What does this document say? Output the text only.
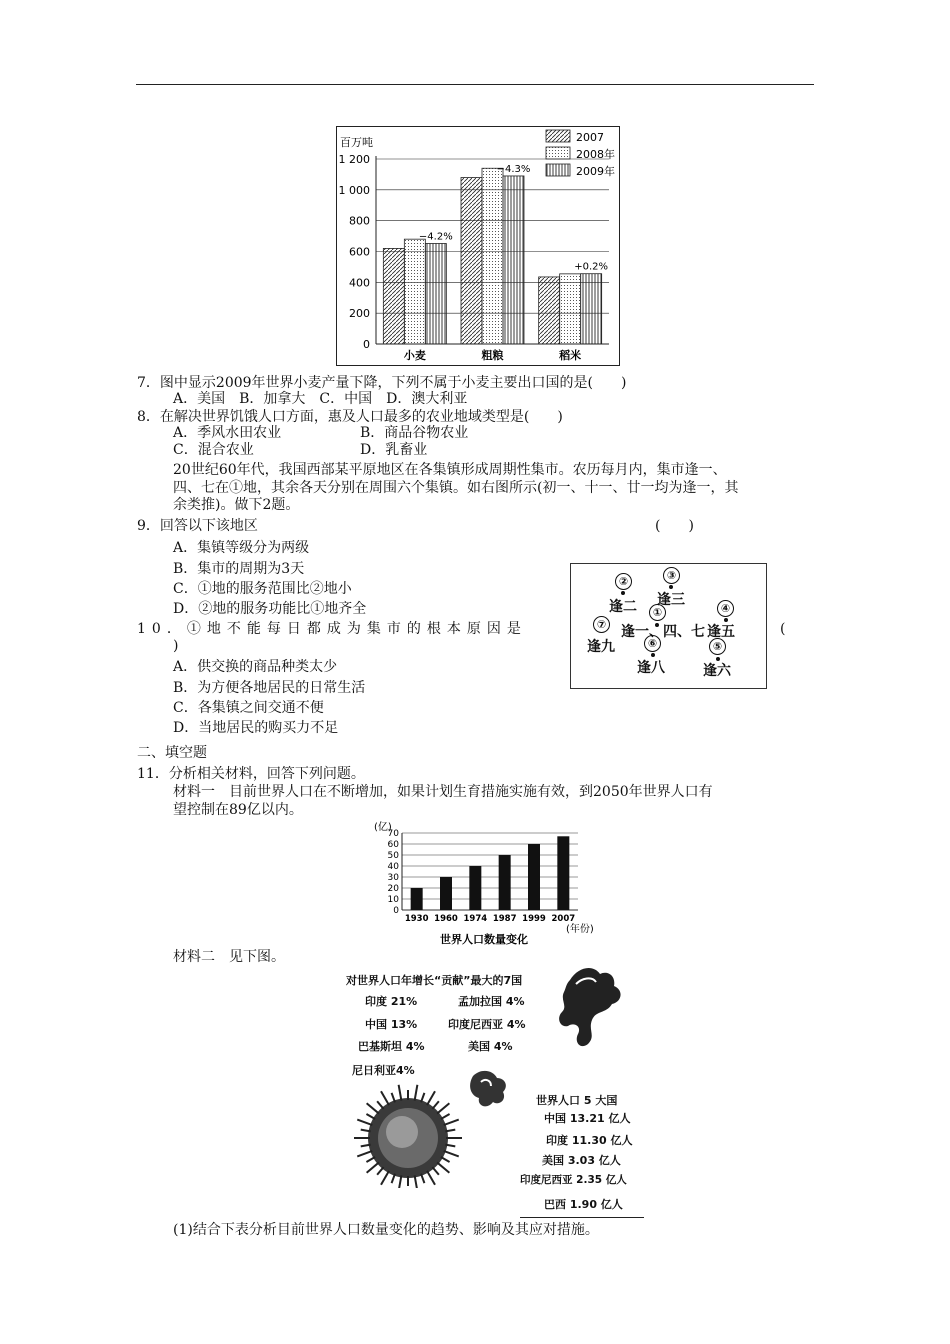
百万吨
0
200
400
600
800
1 000
1 200
小麦
−4.2%
粗粮
−4.3%
稻米
+0.2%
2007
2008年
2009年
7．图中显示2009年世界小麦产量下降，下列不属于小麦主要出口国的是(　　)
A．美国　B．加拿大　C．中国　D．澳大利亚
8．在解决世界饥饿人口方面，惠及人口最多的农业地域类型是(　　)
A．季风水田农业	B．商品谷物农业
C．混合农业	D．乳畜业
20世纪60年代，我国西部某平原地区在各集镇形成周期性集市。农历每月内，集市逢一、
四、七在①地，其余各天分别在周围六个集镇。如右图所示(初一、十一、廿一均为逢一，其
余类推)。做下2题。
9．回答以下该地区	(　　)
A．集镇等级分为两级
B．集市的周期为3天
C．①地的服务范围比②地小
D．②地的服务功能比①地齐全
10．①地不能每日都成为集市的根本原因是	(
)
A．供交换的商品种类太少
B．为方便各地居民的日常生活
C．各集镇之间交通不便
D．当地居民的购买力不足
②
逢二
③
逢三
①
逢一、四、七
⑦
逢九	⑥
逢八
④
逢五
⑤
逢六
二、填空题
11．分析相关材料，回答下列问题。
材料一　目前世界人口在不断增加，如果计划生育措施实施有效，到2050年世界人口有
望控制在89亿以内。
(亿)
(年份)
世界人口数量变化
0
10
20
30
40
50
60
70
1930 1960 1974 1987 1999 2007
材料二　见下图。
对世界人口年增长“贡献”最大的7国
印度 21%	孟加拉国 4%
中国 13%	印度尼西亚 4%
巴基斯坦 4%	美国 4%
尼日利亚4%
世界人口 5 大国
中国 13.21 亿人
印度 11.30 亿人
美国 3.03 亿人
印度尼西亚 2.35 亿人
巴西 1.90 亿人
(1)结合下表分析目前世界人口数量变化的趋势、影响及其应对措施。
